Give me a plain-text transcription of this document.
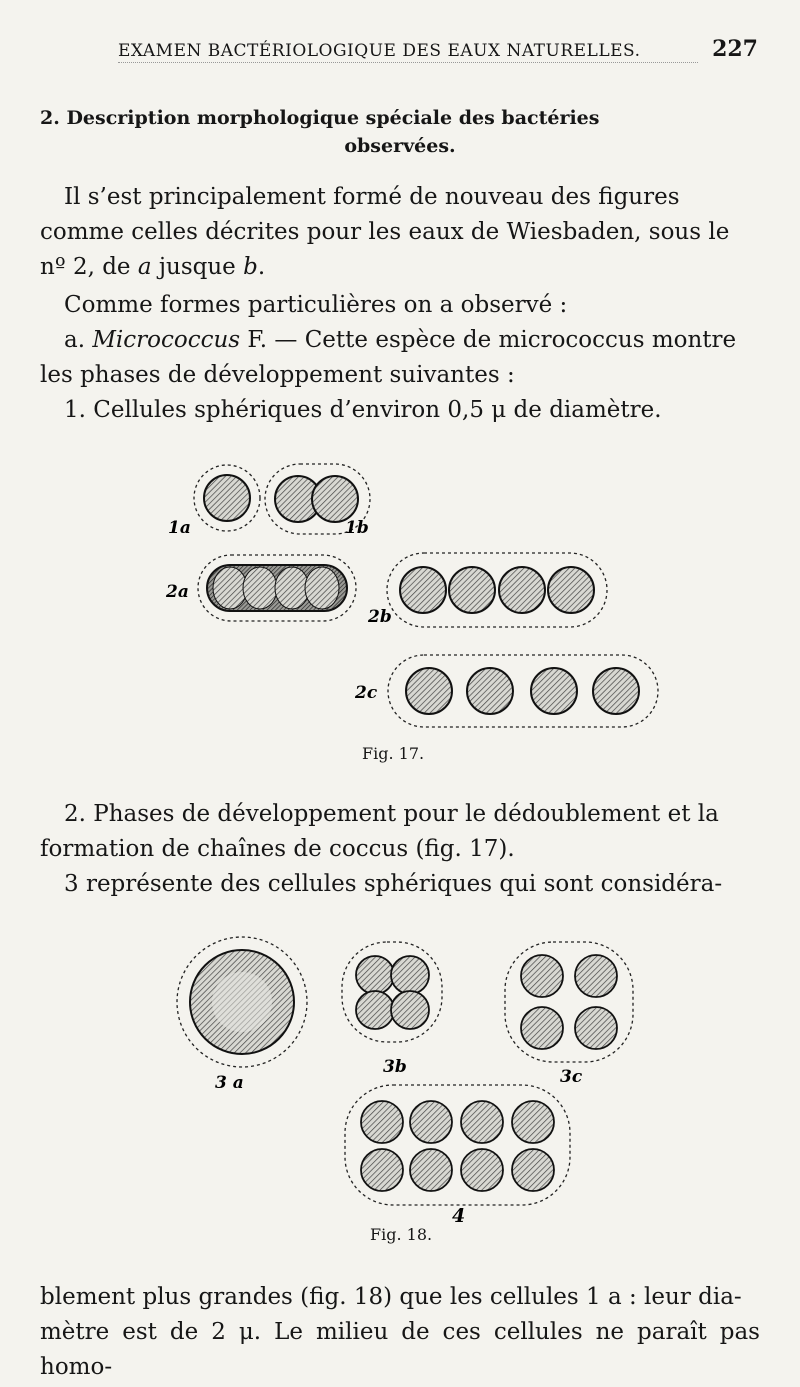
EXAMEN BACTÉRIOLOGIQUE DES EAUX NATURELLES.	227
2. Description morphologique spéciale des bactéries
observées.
Il s’est principalement formé de nouveau des figures
comme celles décrites pour les eaux de Wiesbaden, sous le
nº 2, de a jusque b.
Comme formes particulières on a observé :
a. Micrococcus F. — Cette espèce de micrococcus montre
les phases de développement suivantes :
1. Cellules sphériques d’environ 0,5 μ de diamètre.
1a	1b
2a
2b
2c
Fig. 17.
2. Phases de développement pour le dédoublement et la
formation de chaînes de coccus (fig. 17).
3 représente des cellules sphériques qui sont considéra-
3 a
3b	3c
4
Fig. 18.
blement plus grandes (fig. 18) que les cellules 1 a : leur dia-
mètre est de 2 μ. Le milieu de ces cellules ne paraît pas homo-
